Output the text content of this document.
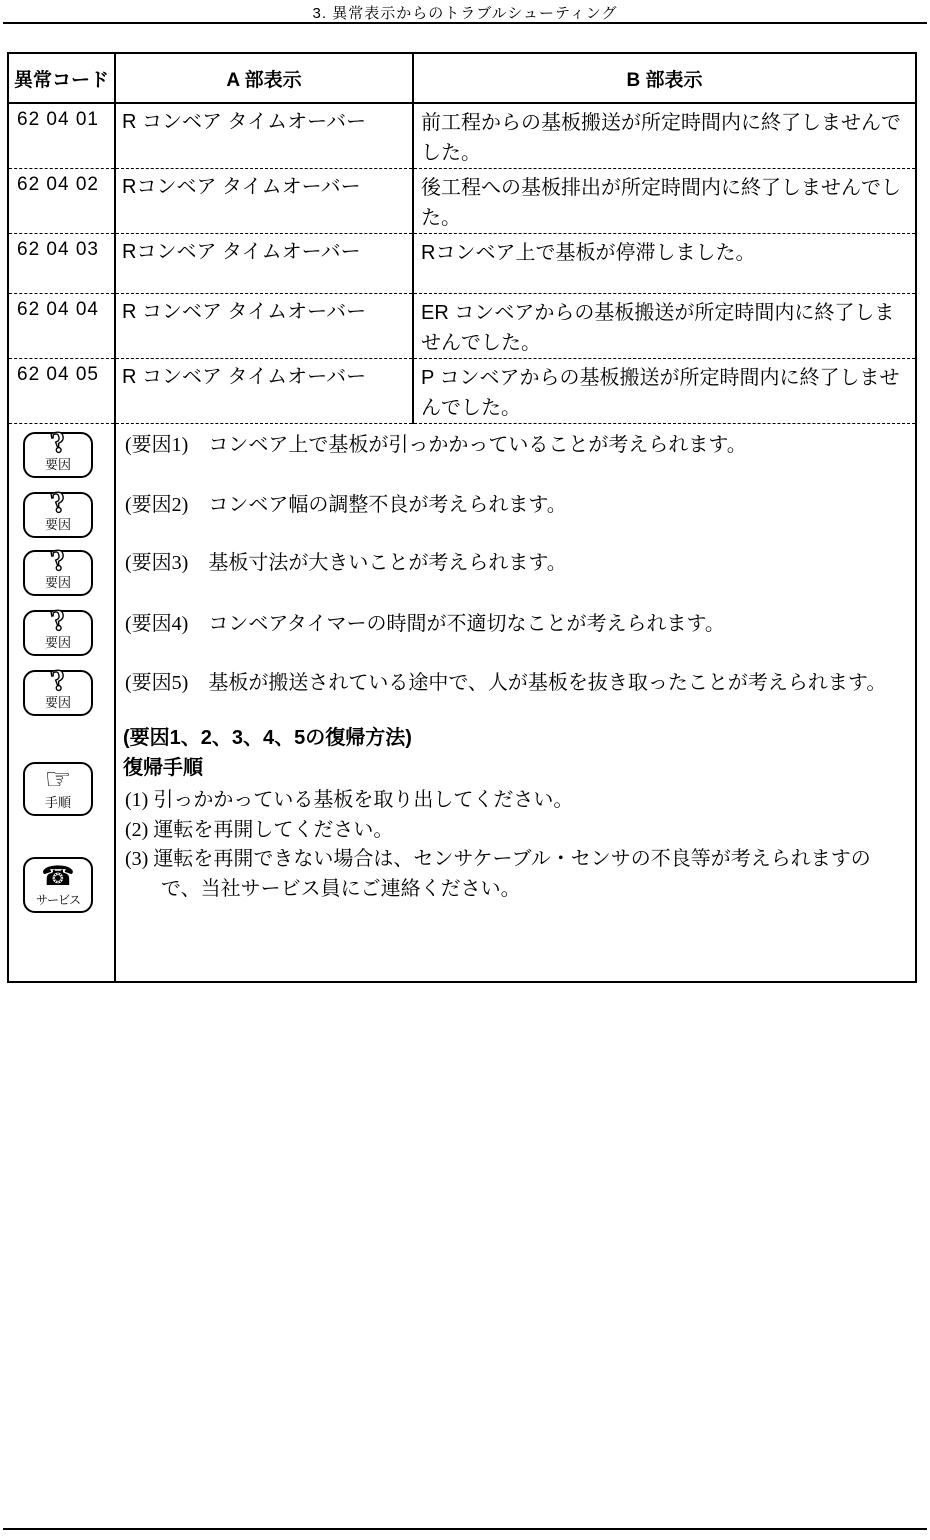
3. 異常表示からのトラブルシューティング
異常コード	A 部表示	B 部表示
62 04 01	R コンベア タイムオーバー	前工程からの基板搬送が所定時間内に終了しませんでした。
62 04 02	Rコンベア タイムオーバー	後工程への基板排出が所定時間内に終了しませんでした。
62 04 03	Rコンベア タイムオーバー	Rコンベア上で基板が停滞しました。
62 04 04	R コンベア タイムオーバー	ER コンベアからの基板搬送が所定時間内に終了しませんでした。
62 04 05	R コンベア タイムオーバー	P コンベアからの基板搬送が所定時間内に終了しませんでした。

?
要因
?
要因
?
要因
?
要因
?
要因
☞
手順
☎
サービス

(要因1)　コンベア上で基板が引っかかっていることが考えられます。
(要因2)　コンベア幅の調整不良が考えられます。
(要因3)　基板寸法が大きいことが考えられます。
(要因4)　コンベアタイマーの時間が不適切なことが考えられます。
(要因5)　基板が搬送されている途中で、人が基板を抜き取ったことが考えられます。
(要因1、2、3、4、5の復帰方法)
復帰手順
(1) 引っかかっている基板を取り出してください。
(2) 運転を再開してください。
(3) 運転を再開できない場合は、センサケーブル・センサの不良等が考えられますので、当社サービス員にご連絡ください。
